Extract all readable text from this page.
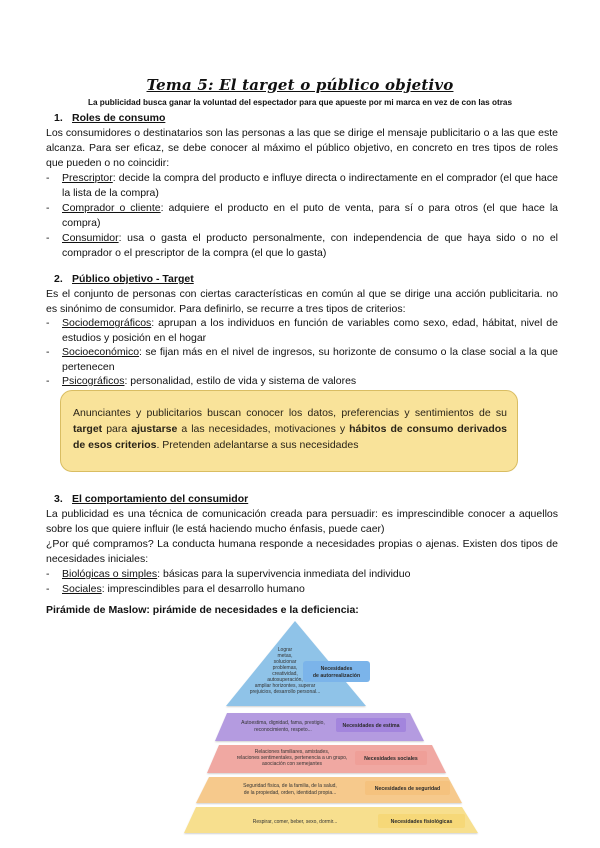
Tema 5: El target o público objetivo
La publicidad busca ganar la voluntad del espectador para que apueste por mi marca en vez de con las otras
1. Roles de consumo
Los consumidores o destinatarios son las personas a las que se dirige el mensaje publicitario o a las que este alcanza. Para ser eficaz, se debe conocer al máximo el público objetivo, en concreto en tres tipos de roles que pueden o no coincidir:
- Prescriptor: decide la compra del producto e influye directa o indirectamente en el comprador (el que hace la lista de la compra)
- Comprador o cliente: adquiere el producto en el puto de venta, para sí o para otros (el que hace la compra)
- Consumidor: usa o gasta el producto personalmente, con independencia de que haya sido o no el comprador o el prescriptor de la compra (el que lo gasta)
2. Público objetivo - Target
Es el conjunto de personas con ciertas características en común al que se dirige una acción publicitaria. no es sinónimo de consumidor. Para definirlo, se recurre a tres tipos de criterios:
- Sociodemográficos: aprupan a los individuos en función de variables como sexo, edad, hábitat, nivel de estudios y posición en el hogar
- Socioeconómico: se fijan más en el nivel de ingresos, su horizonte de consumo o la clase social a la que pertenecen
- Psicográficos: personalidad, estilo de vida y sistema de valores
Anunciantes y publicitarios buscan conocer los datos, preferencias y sentimientos de su target para ajustarse a las necesidades, motivaciones y hábitos de consumo derivados de esos criterios. Pretenden adelantarse a sus necesidades
3. El comportamiento del consumidor
La publicidad es una técnica de comunicación creada para persuadir: es imprescindible conocer a aquellos sobre los que quiere influir (le está haciendo mucho énfasis, puede caer)
¿Por qué compramos? La conducta humana responde a necesidades propias o ajenas. Existen dos tipos de necesidades iniciales:
- Biológicas o simples: básicas para la supervivencia inmediata del individuo
- Sociales: imprescindibles para el desarrollo humano
Pirámide de Maslow: pirámide de necesidades e la deficiencia:
Lograr
metas,
solucionar
problemas,
creatividad,
autosuperación,
ampliar horizontes, superar
prejuicios, desarrollo personal...
Necesidades
de autorrealización
Autoestima, dignidad, fama, prestigio,
reconocimiento, respeto...
Necesidades de estima
Relaciones familiares, amistades,
relaciones sentimentales, pertenencia a un grupo,
asociación con semejantes
Necesidades sociales
Seguridad física, de la familia, de la salud,
de la propiedad, orden, identidad propia...
Necesidades de seguridad
Respirar, comer, beber, sexo, dormir...	Necesidades fisiológicas
